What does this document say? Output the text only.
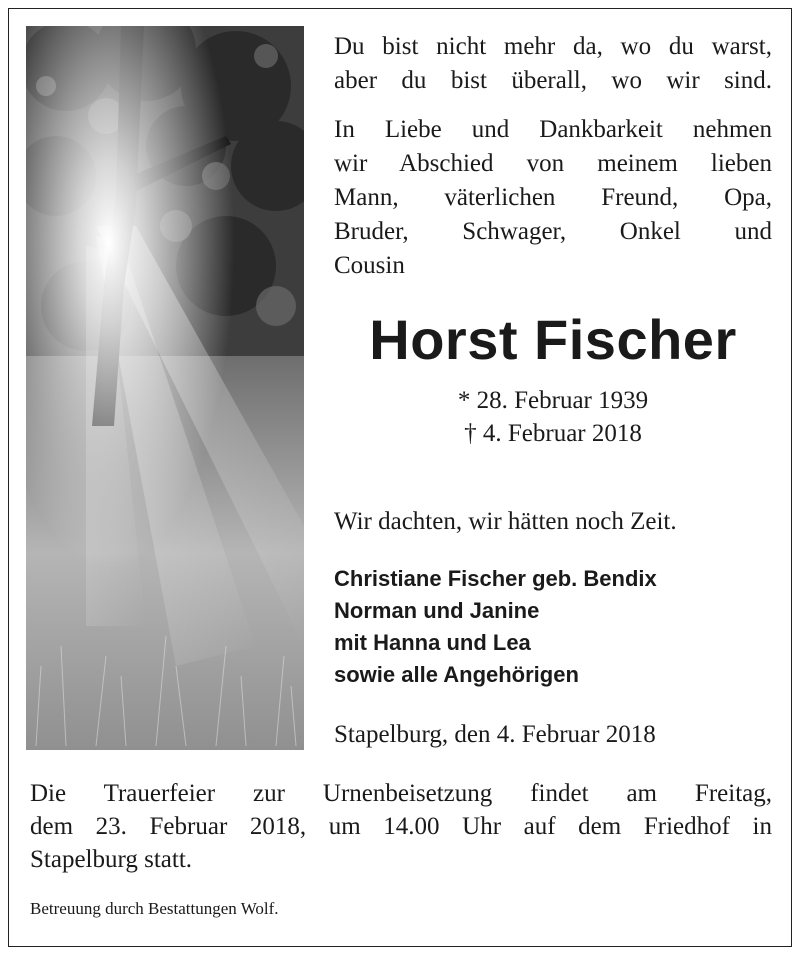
Du bist nicht mehr da, wo du warst,
aber du bist überall, wo wir sind.
In Liebe und Dankbarkeit nehmen
wir Abschied von meinem lieben
Mann, väterlichen Freund, Opa,
Bruder, Schwager, Onkel und
Cousin
Horst Fischer
* 28. Februar 1939
† 4. Februar 2018
Wir dachten, wir hätten noch Zeit.
Christiane Fischer geb. Bendix
Norman und Janine
mit Hanna und Lea
sowie alle Angehörigen
Stapelburg, den 4. Februar 2018
Die Trauerfeier zur Urnenbeisetzung findet am Freitag,
dem 23. Februar 2018, um 14.00 Uhr auf dem Friedhof in
Stapelburg statt.
Betreuung durch Bestattungen Wolf.
